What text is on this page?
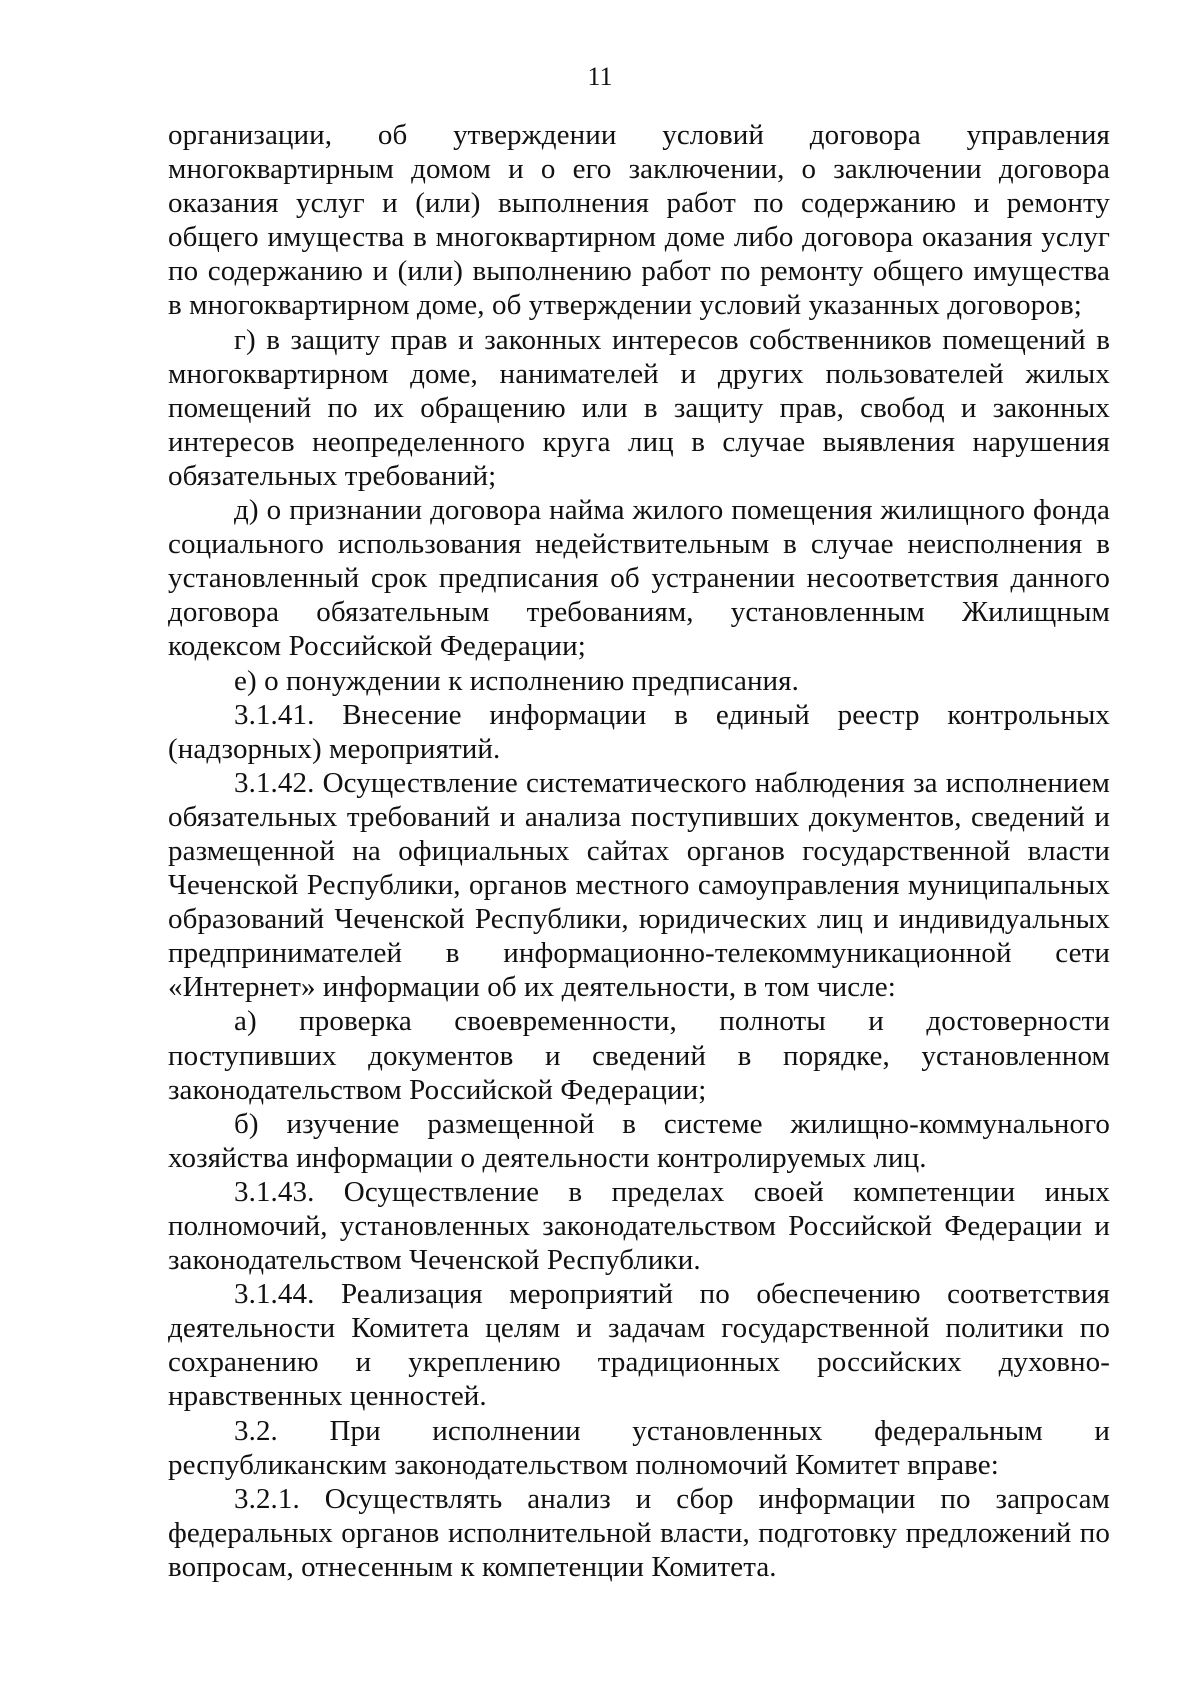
11

организации, об утверждении условий договора управления многоквартирным домом и о его заключении, о заключении договора оказания услуг и (или) выполнения работ по содержанию и ремонту общего имущества в многоквартирном доме либо договора оказания услуг по содержанию и (или) выполнению работ по ремонту общего имущества в многоквартирном доме, об утверждении условий указанных договоров;

г) в защиту прав и законных интересов собственников помещений в многоквартирном доме, нанимателей и других пользователей жилых помещений по их обращению или в защиту прав, свобод и законных интересов неопределенного круга лиц в случае выявления нарушения обязательных требований;

д) о признании договора найма жилого помещения жилищного фонда социального использования недействительным в случае неисполнения в установленный срок предписания об устранении несоответствия данного договора обязательным требованиям, установленным Жилищным кодексом Российской Федерации;

е) о понуждении к исполнению предписания.

3.1.41. Внесение информации в единый реестр контрольных (надзорных) мероприятий.

3.1.42. Осуществление систематического наблюдения за исполнением обязательных требований и анализа поступивших документов, сведений и размещенной на официальных сайтах органов государственной власти Чеченской Республики, органов местного самоуправления муниципальных образований Чеченской Республики, юридических лиц и индивидуальных предпринимателей в информационно-телекоммуникационной сети «Интернет» информации об их деятельности, в том числе:

а) проверка своевременности, полноты и достоверности поступивших документов и сведений в порядке, установленном законодательством Российской Федерации;

б) изучение размещенной в системе жилищно-коммунального хозяйства информации о деятельности контролируемых лиц.

3.1.43. Осуществление в пределах своей компетенции иных полномочий, установленных законодательством Российской Федерации и законодательством Чеченской Республики.

3.1.44. Реализация мероприятий по обеспечению соответствия деятельности Комитета целям и задачам государственной политики по сохранению и укреплению традиционных российских духовно-нравственных ценностей.

3.2. При исполнении установленных федеральным и республиканским законодательством полномочий Комитет вправе:

3.2.1. Осуществлять анализ и сбор информации по запросам федеральных органов исполнительной власти, подготовку предложений по вопросам, отнесенным к компетенции Комитета.
